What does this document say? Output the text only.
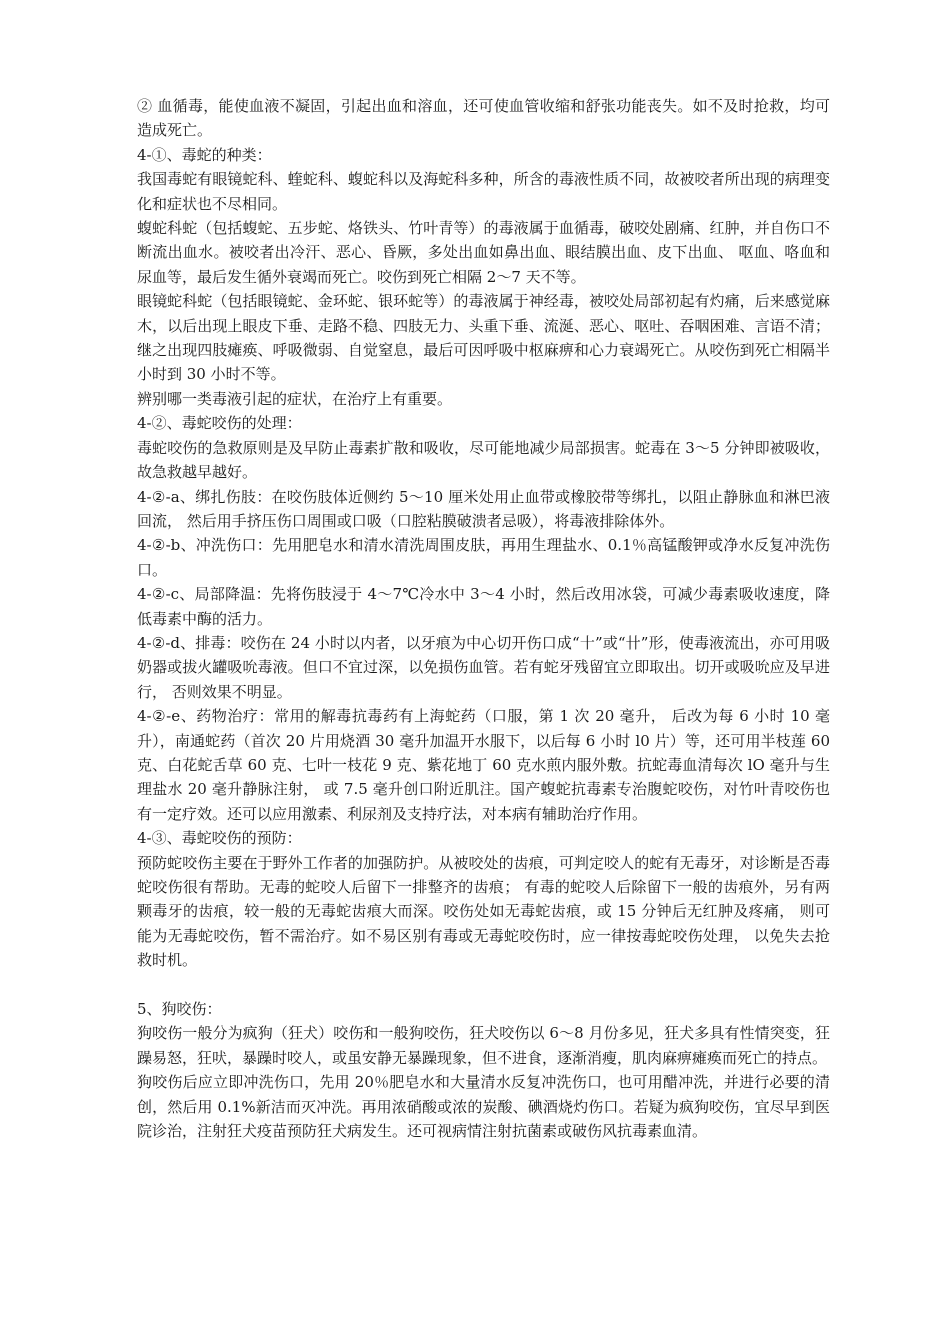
② 血循毒，能使血液不凝固，引起出血和溶血，还可使血管收缩和舒张功能丧失。如不及时抢救，均可造成死亡。

4-①、毒蛇的种类：

我国毒蛇有眼镜蛇科、蝰蛇科、蝮蛇科以及海蛇科多种，所含的毒液性质不同，故被咬者所出现的病理变化和症状也不尽相同。

蝮蛇科蛇（包括蝮蛇、五步蛇、烙铁头、竹叶青等）的毒液属于血循毒，破咬处剧痛、红肿，并自伤口不断流出血水。被咬者出冷汗、恶心、昏厥，多处出血如鼻出血、眼结膜出血、皮下出血、 呕血、咯血和尿血等，最后发生循外衰竭而死亡。咬伤到死亡相隔 2～7 天不等。

眼镜蛇科蛇（包括眼镜蛇、金环蛇、银环蛇等）的毒液属于神经毒，被咬处局部初起有灼痛，后来感觉麻木，以后出现上眼皮下垂、走路不稳、四肢无力、头重下垂、流涎、恶心、呕吐、吞咽困难、言语不清；继之出现四肢瘫痪、呼吸微弱、自觉窒息，最后可因呼吸中枢麻痹和心力衰竭死亡。从咬伤到死亡相隔半小时到 30 小时不等。

辨别哪一类毒液引起的症状，在治疗上有重要。

4-②、毒蛇咬伤的处理：

毒蛇咬伤的急救原则是及早防止毒素扩散和吸收，尽可能地减少局部损害。蛇毒在 3～5 分钟即被吸收，故急救越早越好。

4-②-a、绑扎伤肢：在咬伤肢体近侧约 5～10 厘米处用止血带或橡胶带等绑扎，以阻止静脉血和淋巴液回流， 然后用手挤压伤口周围或口吸（口腔粘膜破溃者忌吸），将毒液排除体外。

4-②-b、冲洗伤口：先用肥皂水和清水清洗周围皮肤，再用生理盐水、0.1％高锰酸钾或净水反复冲洗伤口。

4-②-c、局部降温：先将伤肢浸于 4～7℃冷水中 3～4 小时，然后改用冰袋，可减少毒素吸收速度，降低毒素中酶的活力。

4-②-d、排毒：咬伤在 24 小时以内者，以牙痕为中心切开伤口成“十”或“卄”形，使毒液流出，亦可用吸奶器或拔火罐吸吮毒液。但口不宜过深，以免损伤血管。若有蛇牙残留宜立即取出。切开或吸吮应及早进行， 否则效果不明显。

4-②-e、药物治疗：常用的解毒抗毒药有上海蛇药（口服，第 1 次 20 毫升， 后改为每 6 小时 10 毫升），南通蛇药（首次 20 片用烧酒 30 毫升加温开水服下，以后每 6 小时 l0 片）等，还可用半枝莲 60 克、白花蛇舌草 60 克、七叶一枝花 9 克、紫花地丁 60 克水煎内服外敷。抗蛇毒血清每次 lO 毫升与生理盐水 20 毫升静脉注射， 或 7.5 毫升创口附近肌注。国产蝮蛇抗毒素专治腹蛇咬伤，对竹叶青咬伤也有一定疗效。还可以应用激素、利尿剂及支持疗法，对本病有辅助治疗作用。

4-③、毒蛇咬伤的预防：

预防蛇咬伤主要在于野外工作者的加强防护。从被咬处的齿痕，可判定咬人的蛇有无毒牙，对诊断是否毒蛇咬伤很有帮助。无毒的蛇咬人后留下一排整齐的齿痕； 有毒的蛇咬人后除留下一般的齿痕外，另有两颗毒牙的齿痕，较一般的无毒蛇齿痕大而深。咬伤处如无毒蛇齿痕，或 15 分钟后无红肿及疼痛， 则可能为无毒蛇咬伤，暂不需治疗。如不易区别有毒或无毒蛇咬伤时，应一律按毒蛇咬伤处理， 以免失去抢救时机。

5、狗咬伤：

狗咬伤一般分为疯狗（狂犬）咬伤和一般狗咬伤，狂犬咬伤以 6～8 月份多见，狂犬多具有性情突变，狂躁易怒，狂吠，暴躁时咬人，或虽安静无暴躁现象，但不进食，逐渐消瘦，肌肉麻痹瘫痪而死亡的持点。

狗咬伤后应立即冲洗伤口，先用 20％肥皂水和大量清水反复冲洗伤口，也可用醋冲洗，并进行必要的清创，然后用 0.1%新洁而灭冲洗。再用浓硝酸或浓的炭酸、碘酒烧灼伤口。若疑为疯狗咬伤，宜尽早到医院诊治，注射狂犬疫苗预防狂犬病发生。还可视病情注射抗菌素或破伤风抗毒素血清。
